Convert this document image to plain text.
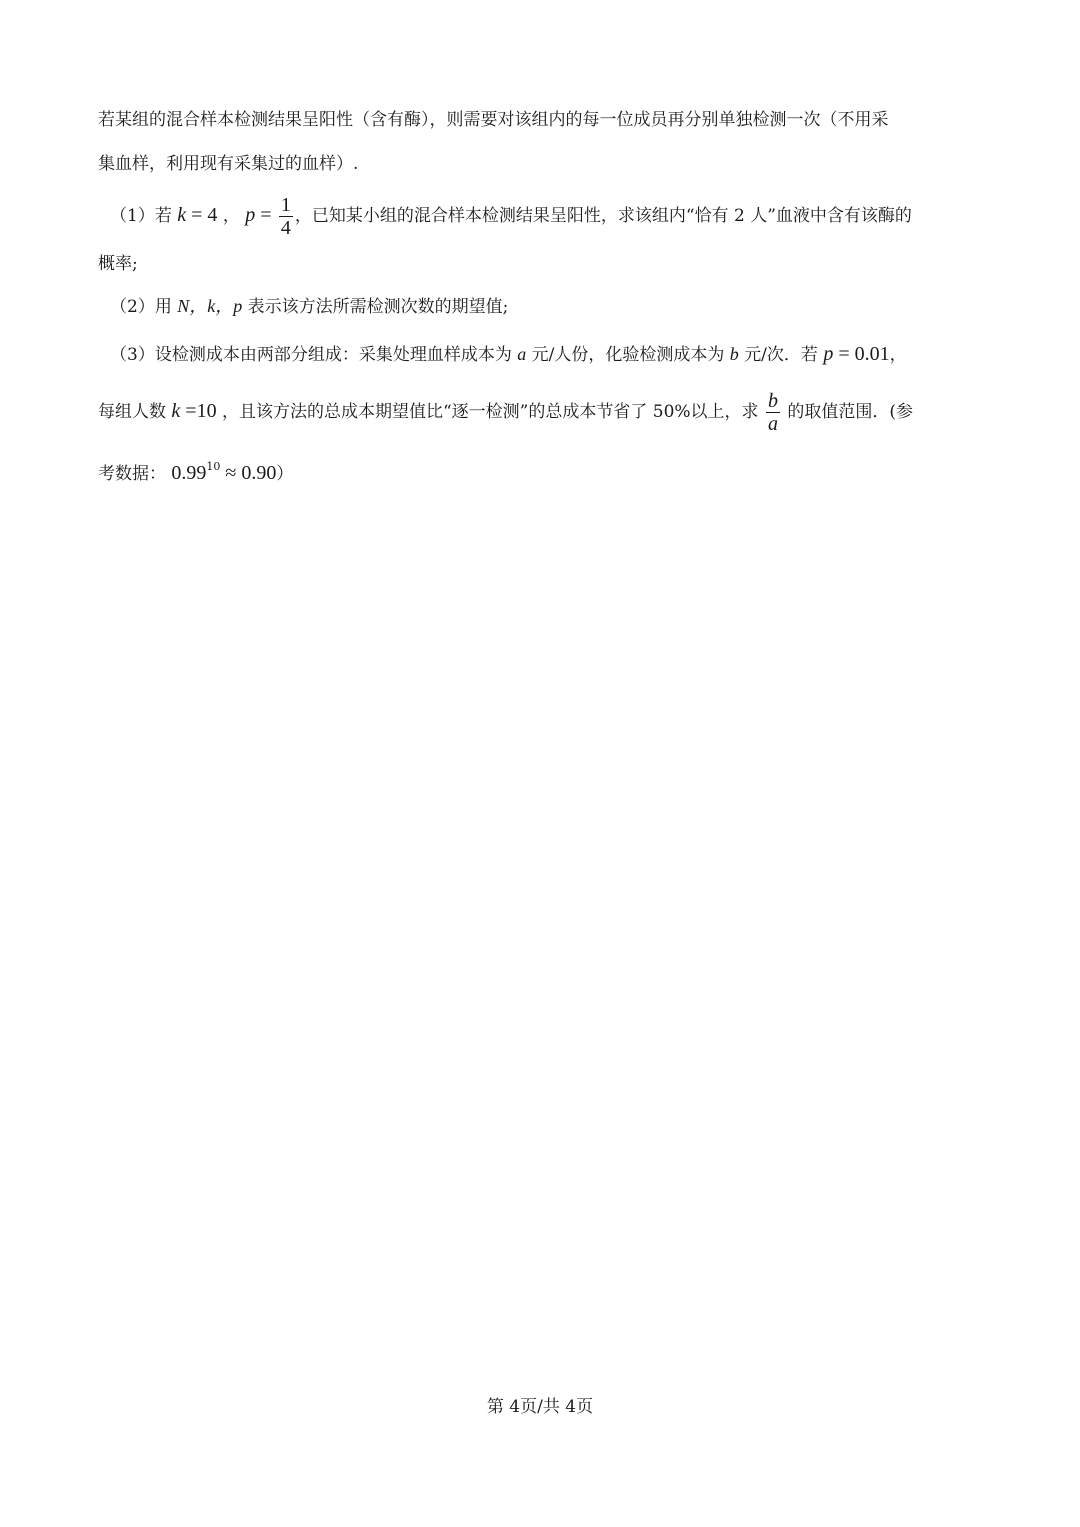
若某组的混合样本检测结果呈阳性（含有酶），则需要对该组内的每一位成员再分别单独检测一次（不用采
集血样，利用现有采集过的血样）.
（1）若 k = 4 ， $p = \frac{1}{4}$ ，已知某小组的混合样本检测结果呈阳性，求该组内“恰有 2 人”血液中含有该酶的
概率;
（2）用 N，k，p 表示该方法所需检测次数的期望值;
（3）设检测成本由两部分组成：采集处理血样成本为 a 元/人份，化验检测成本为 b 元/次．若 p = 0.01，
每组人数 k =10 ，且该方法的总成本期望值比“逐一检测”的总成本节省了 50%以上，求 $\frac{b}{a}$ 的取值范围．(参
考数据： $0.99^{10} \approx 0.90$）
第 4页/共 4页
